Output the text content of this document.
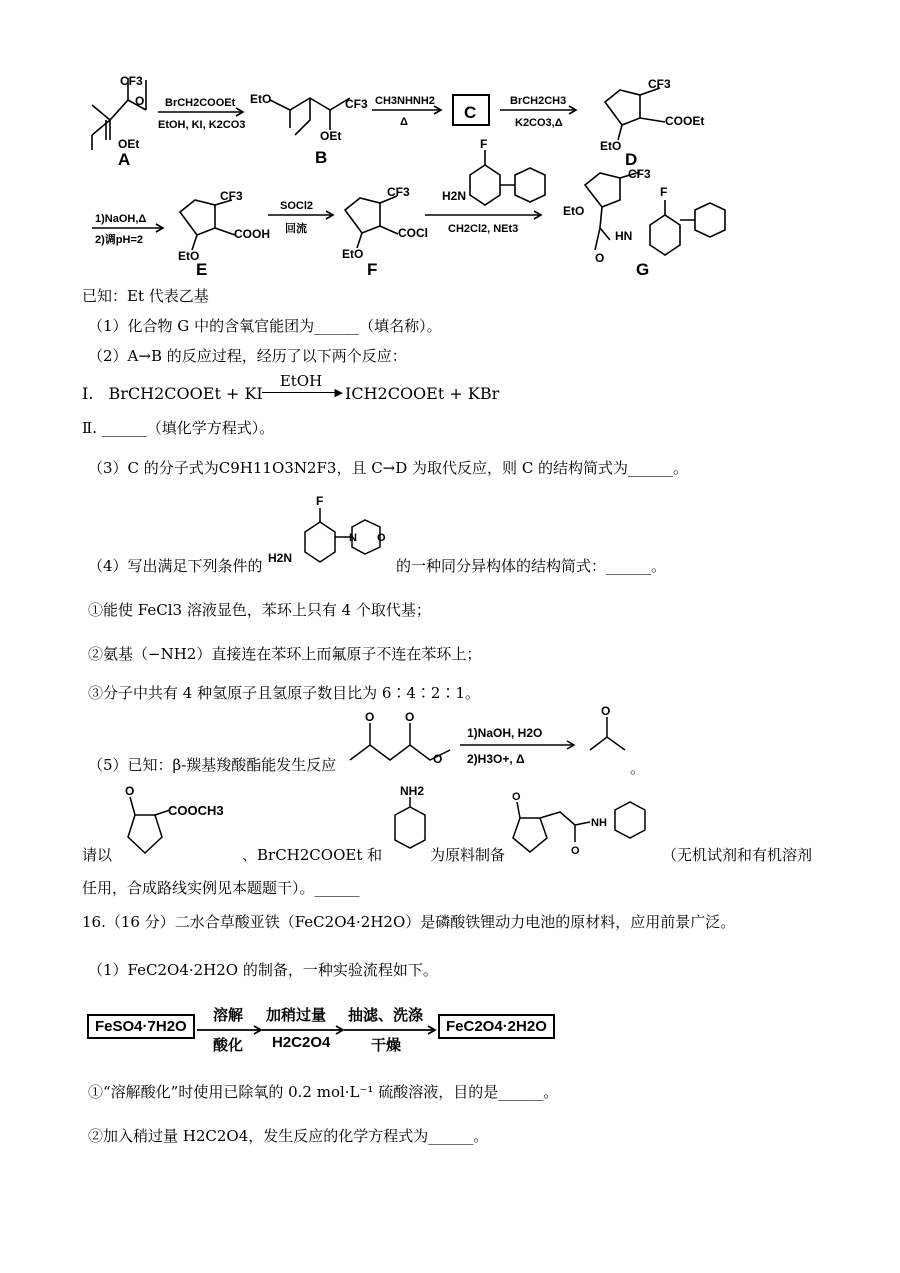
CF3
O
OEt
EtO	CF3
OEt
CF3
COOEt
EtO
CF3
COOH
EtO
CF3
COCl
EtO
F
H2N
CF3
EtO
HN
O
F
BrCH2COOEt
EtOH, KI, K2CO3
CH3NHNH2
Δ
BrCH2CH3
K2CO3,Δ
1)NaOH,Δ
2)调pH=2
SOCl2
回流	CH2Cl2, NEt3
A	B
C
D
E	F	G
已知：Et 代表乙基
（1）化合物 G 中的含氧官能团为______（填名称）。
（2）A→B 的反应过程，经历了以下两个反应：
Ⅰ. BrCH2COOEt + KI
EtOH
▶ ICH2COOEt + KBr
Ⅱ. ______（填化学方程式）。
（3）C 的分子式为C9H11O3N2F3，且 C→D 为取代反应，则 C 的结构简式为______。
F
H2N
N O
（4）写出满足下列条件的	的一种同分异构体的结构简式：______。
①能使 FeCl3 溶液显色，苯环上只有 4 个取代基；
②氨基（−NH2）直接连在苯环上而氟原子不连在苯环上；
③分子中共有 4 种氢原子且氢原子数目比为 6∶4∶2∶1。
（5）已知：β-羰基羧酸酯能发生反应
O	O
O
O
1)NaOH, H2O
2)H3O+, Δ	。
O
COOCH3
NH2	O
O
NH
请以	、BrCH2COOEt 和	为原料制备	（无机试剂和有机溶剂
任用，合成路线实例见本题题干）。______
16.（16 分）二水合草酸亚铁（FeC2O4·2H2O）是磷酸铁锂动力电池的原材料，应用前景广泛。
（1）FeC2O4·2H2O 的制备，一种实验流程如下。
FeSO4·7H2O
溶解
酸化
加稍过量
H2C2O4
抽滤、洗涤
干燥
FeC2O4·2H2O
①“溶解酸化”时使用已除氧的 0.2 mol·L⁻¹ 硫酸溶液，目的是______。
②加入稍过量 H2C2O4，发生反应的化学方程式为______。
